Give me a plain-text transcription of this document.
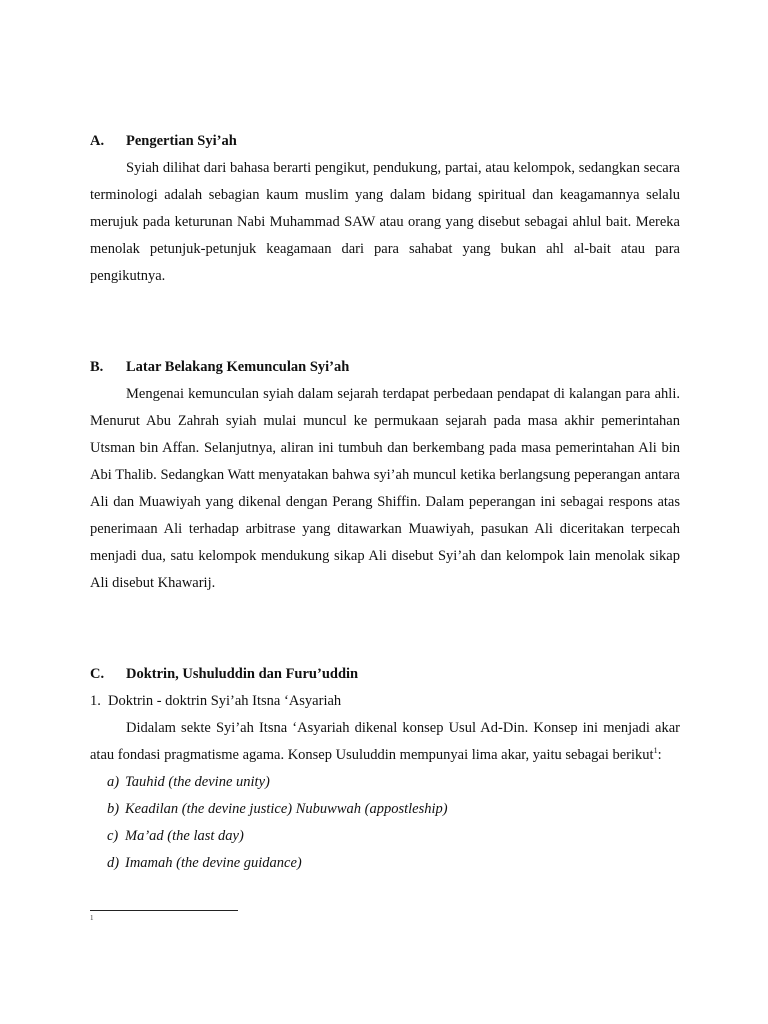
A. Pengertian Syi’ah

Syiah dilihat dari bahasa berarti pengikut, pendukung, partai, atau kelompok, sedangkan secara terminologi adalah sebagian kaum muslim yang dalam bidang spiritual dan keagamannya selalu merujuk pada keturunan Nabi Muhammad SAW atau orang yang disebut sebagai ahlul bait. Mereka menolak petunjuk-petunjuk keagamaan dari para sahabat yang bukan ahl al-bait atau para pengikutnya.

B. Latar Belakang Kemunculan Syi’ah

Mengenai kemunculan syiah dalam sejarah terdapat perbedaan pendapat di kalangan para ahli. Menurut Abu Zahrah syiah mulai muncul ke permukaan sejarah pada masa akhir pemerintahan Utsman bin Affan. Selanjutnya, aliran ini tumbuh dan berkembang pada masa pemerintahan Ali bin Abi Thalib. Sedangkan Watt menyatakan bahwa syi’ah muncul ketika berlangsung peperangan antara Ali dan Muawiyah yang dikenal dengan Perang Shiffin. Dalam peperangan ini sebagai respons atas penerimaan Ali terhadap arbitrase yang ditawarkan Muawiyah, pasukan Ali diceritakan terpecah menjadi dua, satu kelompok mendukung sikap Ali disebut Syi’ah dan kelompok lain menolak sikap Ali disebut Khawarij.

C. Doktrin, Ushuluddin dan Furu’uddin
1. Doktrin - doktrin Syi’ah Itsna ‘Asyariah

Didalam sekte Syi’ah Itsna ‘Asyariah dikenal konsep Usul Ad-Din. Konsep ini menjadi akar atau fondasi pragmatisme agama. Konsep Usuluddin mempunyai lima akar, yaitu sebagai berikut$^1$:

a) Tauhid (the devine unity)
b) Keadilan (the devine justice) Nubuwwah (appostleship)
c) Ma’ad (the last day)
d) Imamah (the devine guidance)
1
